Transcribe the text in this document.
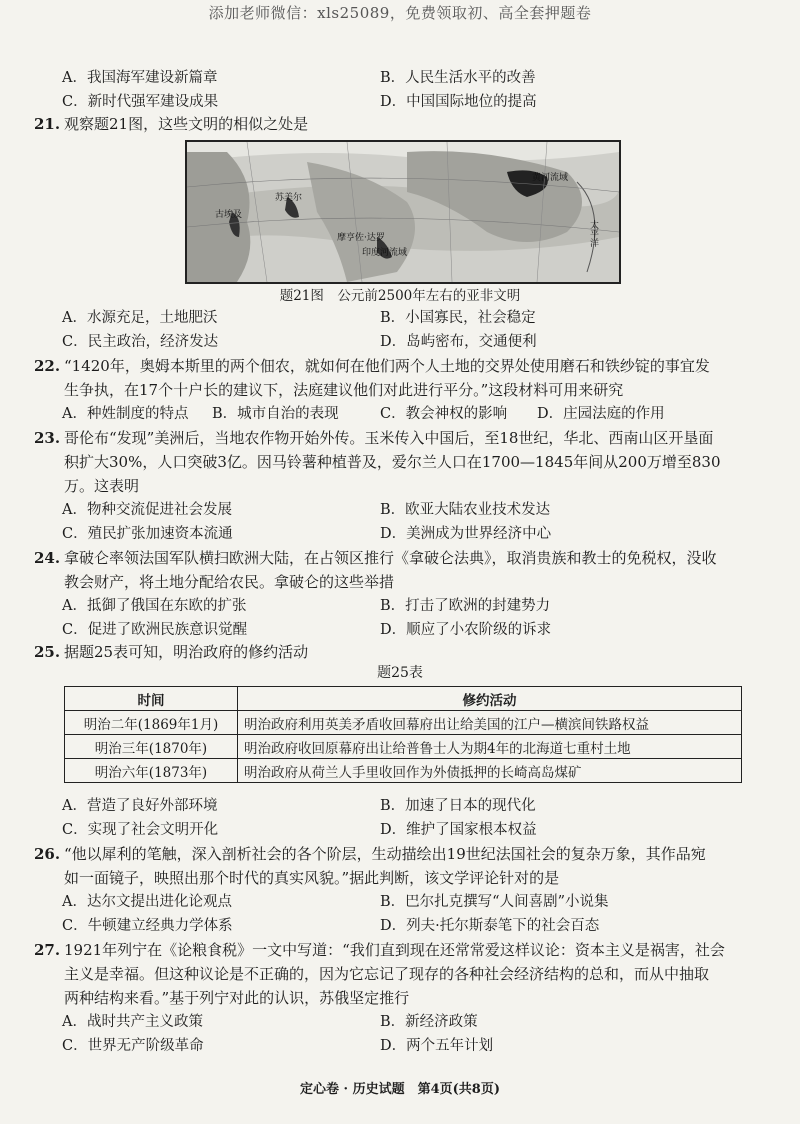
添加老师微信：xls25089，免费领取初、高全套押题卷
A．我国海军建设新篇章	B．人民生活水平的改善
C．新时代强军建设成果	D．中国国际地位的提高
21. 观察题21图，这些文明的相似之处是
古埃及
苏美尔
摩亨佐·达罗
印度河流域
黄河流域
太平洋
题21图　公元前2500年左右的亚非文明
A．水源充足，土地肥沃	B．小国寡民，社会稳定
C．民主政治，经济发达	D．岛屿密布，交通便利
22. “1420年，奥姆本斯里的两个佃农，就如何在他们两个人土地的交界处使用磨石和铁纱锭的事宜发
生争执，在17个十户长的建议下，法庭建议他们对此进行平分。”这段材料可用来研究
A．种姓制度的特点 B．城市自治的表现	C．教会神权的影响 D．庄园法庭的作用
23. 哥伦布“发现”美洲后，当地农作物开始外传。玉米传入中国后，至18世纪，华北、西南山区开垦面
积扩大30%，人口突破3亿。因马铃薯种植普及，爱尔兰人口在1700—1845年间从200万增至830
万。这表明
A．物种交流促进社会发展	B．欧亚大陆农业技术发达
C．殖民扩张加速资本流通	D．美洲成为世界经济中心
24. 拿破仑率领法国军队横扫欧洲大陆，在占领区推行《拿破仑法典》，取消贵族和教士的免税权，没收
教会财产，将土地分配给农民。拿破仑的这些举措
A．抵御了俄国在东欧的扩张	B．打击了欧洲的封建势力
C．促进了欧洲民族意识觉醒	D．顺应了小农阶级的诉求
25. 据题25表可知，明治政府的修约活动
题25表
时间	修约活动
明治二年(1869年1月)	明治政府利用英美矛盾收回幕府出让给美国的江户—横滨间铁路权益
明治三年(1870年)	明治政府收回原幕府出让给普鲁士人为期4年的北海道七重村土地
明治六年(1873年)	明治政府从荷兰人手里收回作为外债抵押的长崎高岛煤矿
A．营造了良好外部环境	B．加速了日本的现代化
C．实现了社会文明开化	D．维护了国家根本权益
26. “他以犀利的笔触，深入剖析社会的各个阶层，生动描绘出19世纪法国社会的复杂万象，其作品宛
如一面镜子，映照出那个时代的真实风貌。”据此判断，该文学评论针对的是
A．达尔文提出进化论观点	B．巴尔扎克撰写“人间喜剧”小说集
C．牛顿建立经典力学体系	D．列夫·托尔斯泰笔下的社会百态
27. 1921年列宁在《论粮食税》一文中写道：“我们直到现在还常常爱这样议论：资本主义是祸害，社会
主义是幸福。但这种议论是不正确的，因为它忘记了现存的各种社会经济结构的总和，而从中抽取
两种结构来看。”基于列宁对此的认识，苏俄坚定推行
A．战时共产主义政策	B．新经济政策
C．世界无产阶级革命	D．两个五年计划
定心卷 · 历史试题　第4页(共8页)
